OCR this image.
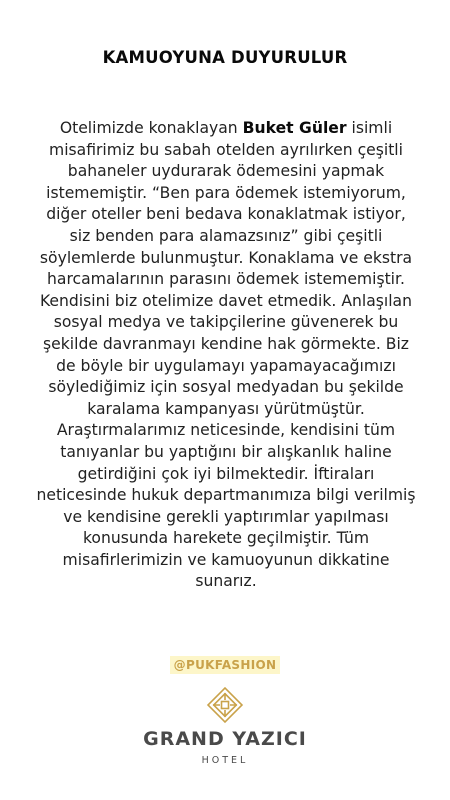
KAMUOYUNA DUYURULUR
Otelimizde konaklayan Buket Güler isimli misafirimiz bu sabah otelden ayrılırken çeşitli bahaneler uydurarak ödemesini yapmak istememiştir. “Ben para ödemek istemiyorum, diğer oteller beni bedava konaklatmak istiyor, siz benden para alamazsınız” gibi çeşitli söylemlerde bulunmuştur. Konaklama ve ekstra harcamalarının parasını ödemek istememiştir. Kendisini biz otelimize davet etmedik. Anlaşılan sosyal medya ve takipçilerine güvenerek bu şekilde davranmayı kendine hak görmekte. Biz de böyle bir uygulamayı yapamayacağımızı söylediğimiz için sosyal medyadan bu şekilde karalama kampanyası yürütmüştür. Araştırmalarımız neticesinde, kendisini tüm tanıyanlar bu yaptığını bir alışkanlık haline getirdiğini çok iyi bilmektedir. İftiraları neticesinde hukuk departmanımıza bilgi verilmiş ve kendisine gerekli yaptırımlar yapılması konusunda harekete geçilmiştir. Tüm misafirlerimizin ve kamuoyunun dikkatine sunarız.
@PUKFASHION
GRAND YAZICI
HOTEL
